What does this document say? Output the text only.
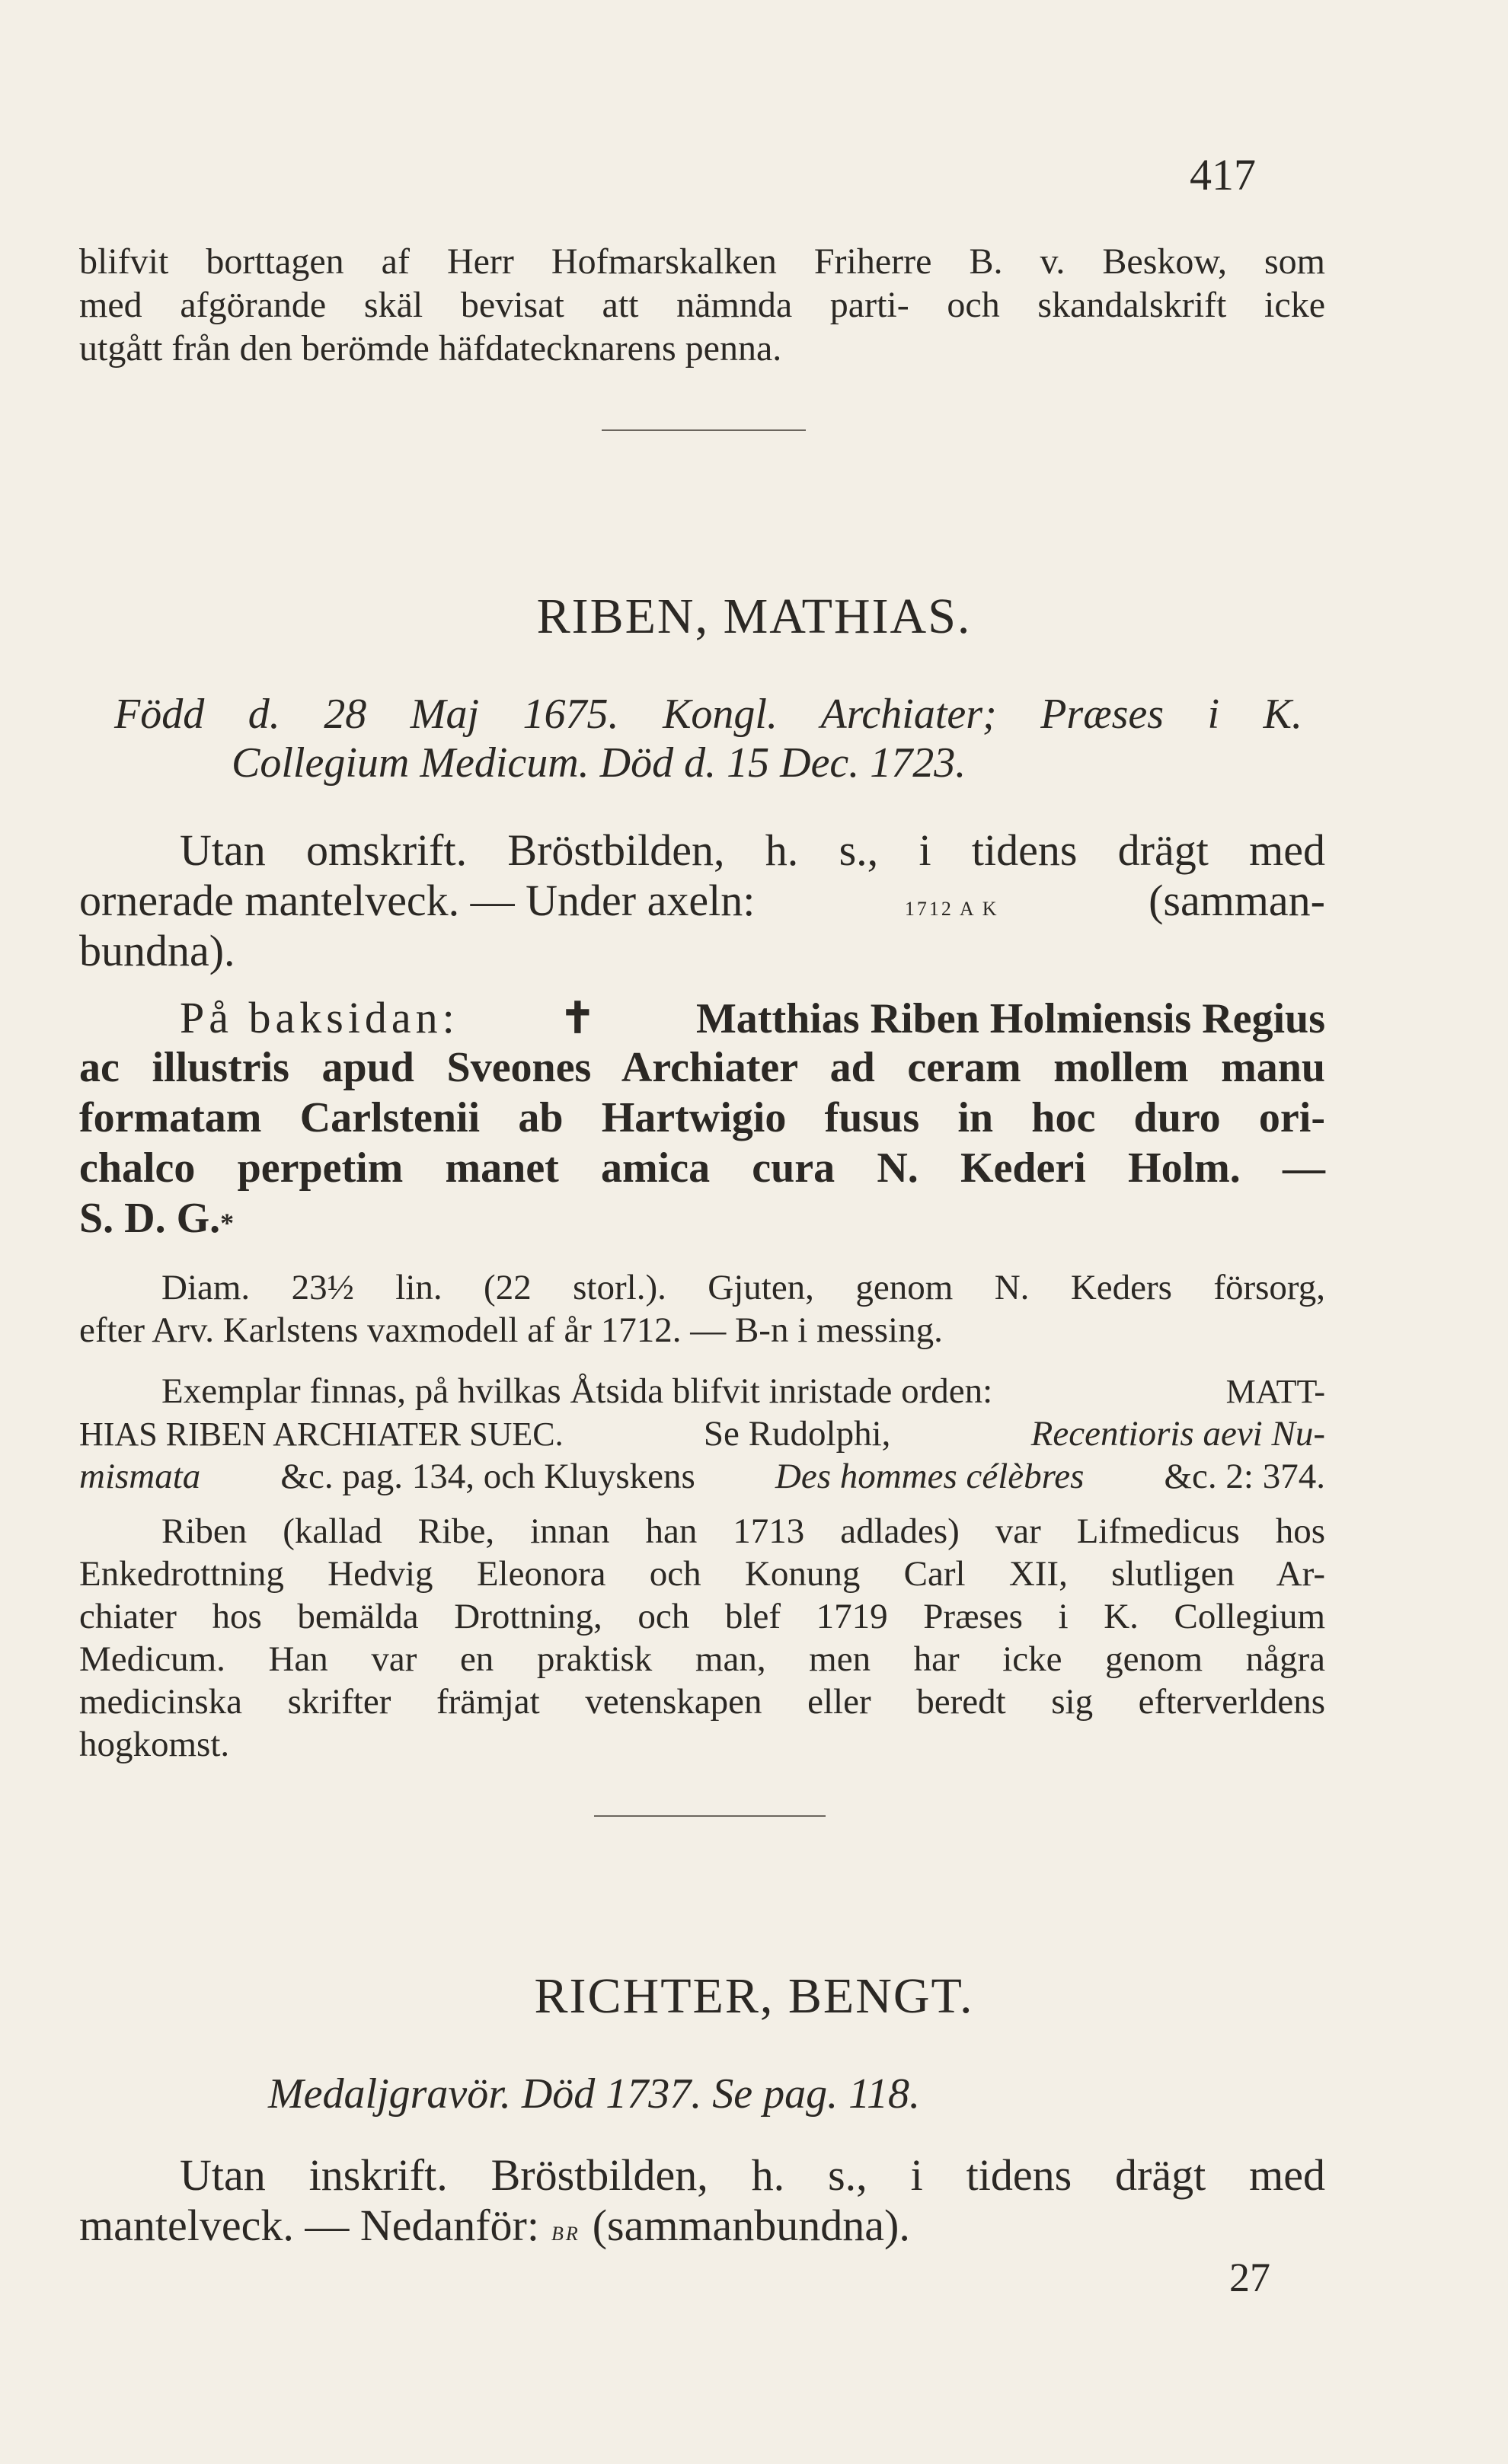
417
blifvit borttagen af Herr Hofmarskalken Friherre B. v. Beskow, som
med afgörande skäl bevisat att nämnda parti- och skandalskrift icke
utgått från den berömde häfdatecknarens penna.
RIBEN, MATHIAS.
Född d. 28 Maj 1675. Kongl. Archiater; Præses i K.
Collegium Medicum. Död d. 15 Dec. 1723.
Utan omskrift. Bröstbilden, h. s., i tidens drägt med
ornerade mantelveck. — Under axeln:	1712 A K	(samman-
bundna).
På baksidan: ✝ Matthias Riben Holmiensis Regius
ac illustris apud Sveones Archiater ad ceram mollem manu
formatam Carlstenii ab Hartwigio fusus in hoc duro ori-
chalco perpetim manet amica cura N. Kederi Holm. —
S. D. G.*
Diam. 23½ lin. (22 storl.). Gjuten, genom N. Keders försorg,
efter Arv. Karlstens vaxmodell af år 1712. — B-n i messing.
Exemplar finnas, på hvilkas Åtsida blifvit inristade orden:	MATT-
HIAS RIBEN ARCHIATER SUEC.	Se Rudolphi,	Recentioris aevi Nu-
mismata &c. pag. 134, och Kluyskens Des hommes célèbres &c. 2: 374.
Riben (kallad Ribe, innan han 1713 adlades) var Lifmedicus hos
Enkedrottning Hedvig Eleonora och Konung Carl XII, slutligen Ar-
chiater hos bemälda Drottning, och blef 1719 Præses i K. Collegium
Medicum. Han var en praktisk man, men har icke genom några
medicinska skrifter främjat vetenskapen eller beredt sig efterverldens
hogkomst.
RICHTER, BENGT.
Medaljgravör. Död 1737. Se pag. 118.
Utan inskrift. Bröstbilden, h. s., i tidens drägt med
mantelveck. — Nedanför: BR (sammanbundna).
27
